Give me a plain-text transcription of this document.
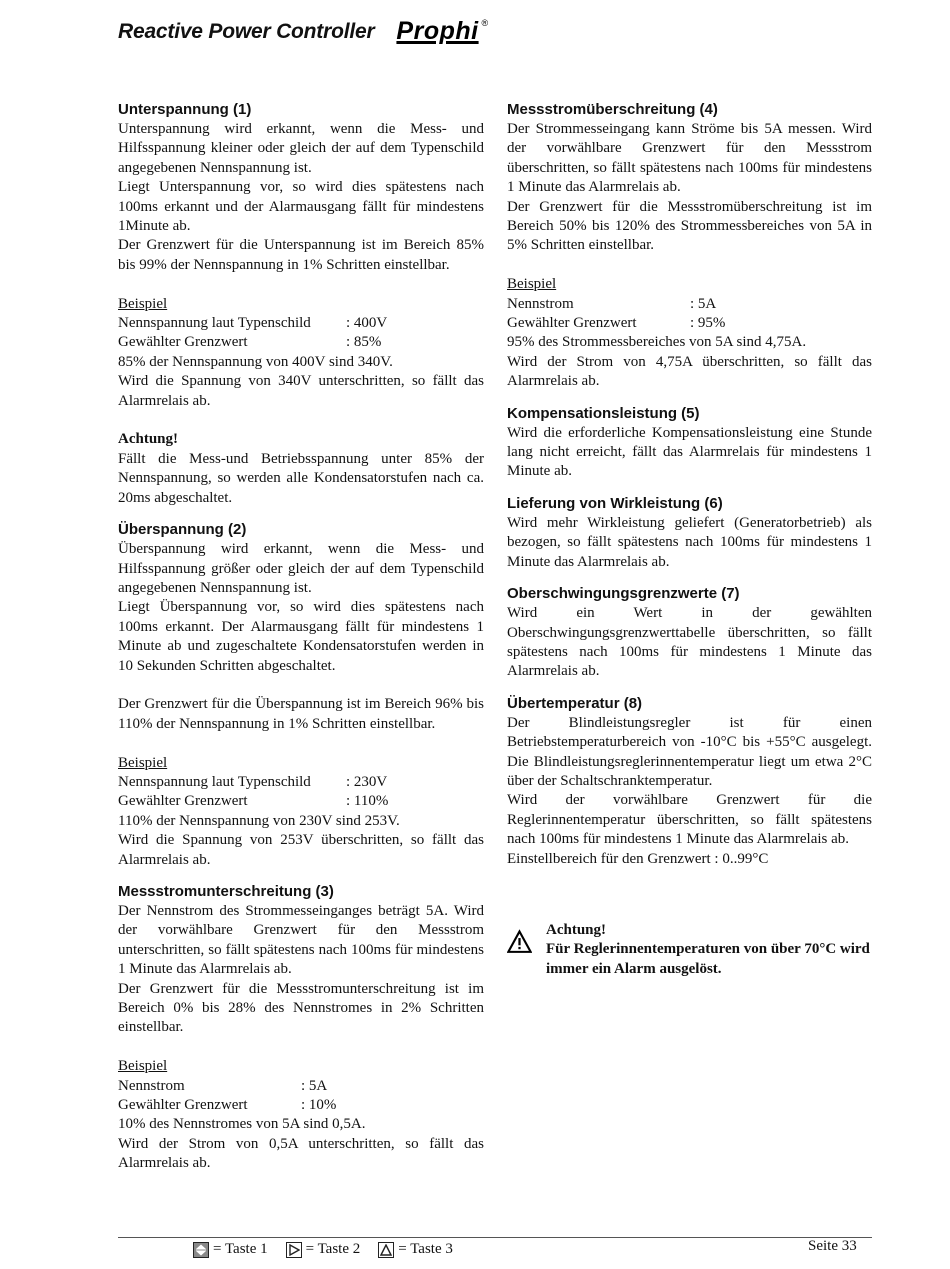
Reactive Power Controller Prophi ®

Unterspannung (1)

Unterspannung wird erkannt, wenn die Mess- und Hilfsspannung kleiner oder gleich der auf dem Typenschild angegebenen Nennspannung ist.

Liegt Unterspannung vor, so wird dies spätestens nach 100ms erkannt und der Alarmausgang fällt für mindestens 1Minute ab.

Der Grenzwert für die Unterspannung ist im Bereich 85% bis 99% der Nennspannung in 1% Schritten einstellbar.

Beispiel

Nennspannung laut Typenschild	: 400V
Gewählter Grenzwert	: 85%

85% der Nennspannung von 400V sind 340V.

Wird die Spannung von 340V unterschritten, so fällt das Alarmrelais ab.

Achtung!

Fällt die Mess-und Betriebsspannung unter 85% der Nennspannung, so werden alle Kondensatorstufen nach ca. 20ms abgeschaltet.

Überspannung (2)

Überspannung wird erkannt, wenn die Mess- und Hilfsspannung größer oder gleich der auf dem Typenschild angegebenen Nennspannung ist.

Liegt Überspannung vor, so wird dies spätestens nach 100ms erkannt. Der Alarmausgang fällt für mindestens 1 Minute ab und zugeschaltete Kondensatorstufen werden in 10 Sekunden Schritten abgeschaltet.

Der Grenzwert für die Überspannung ist im Bereich 96% bis 110% der Nennspannung in 1% Schritten einstellbar.

Beispiel

Nennspannung laut Typenschild	: 230V
Gewählter Grenzwert	: 110%

110% der Nennspannung von 230V sind 253V.

Wird die Spannung von 253V überschritten, so fällt das Alarmrelais ab.

Messstromunterschreitung (3)

Der Nennstrom des Strommesseinganges beträgt 5A. Wird der vorwählbare Grenzwert für den Messstrom unterschritten, so fällt spätestens nach 100ms für mindestens 1 Minute das Alarmrelais ab.

Der Grenzwert für die Messstromunterschreitung ist im Bereich 0% bis 28% des Nennstromes in 2% Schritten einstellbar.

Beispiel

Nennstrom	: 5A
Gewählter Grenzwert	: 10%

10% des Nennstromes von 5A sind 0,5A.

Wird der Strom von 0,5A unterschritten, so fällt das Alarmrelais ab.

Messstromüberschreitung (4)

Der Strommesseingang kann Ströme bis 5A messen. Wird der vorwählbare Grenzwert für den Messstrom überschritten, so fällt spätestens nach 100ms für mindestens 1 Minute das Alarmrelais ab.

Der Grenzwert für die Messstromüberschreitung ist im Bereich 50% bis 120% des Strommessbereiches von 5A in 5% Schritten einstellbar.

Beispiel

Nennstrom	: 5A
Gewählter Grenzwert	: 95%

95% des Strommessbereiches von 5A sind 4,75A.

Wird der Strom von 4,75A überschritten, so fällt das Alarmrelais ab.

Kompensationsleistung (5)

Wird die erforderliche Kompensationsleistung eine Stunde lang nicht erreicht, fällt das Alarmrelais für mindestens 1 Minute ab.

Lieferung von Wirkleistung (6)

Wird mehr Wirkleistung geliefert (Generatorbetrieb) als bezogen, so fällt spätestens nach 100ms für mindestens 1 Minute das Alarmrelais ab.

Oberschwingungsgrenzwerte (7)

Wird ein Wert in der gewählten Oberschwingungsgrenzwerttabelle überschritten, so fällt spätestens nach 100ms für mindestens 1 Minute das Alarmrelais ab.

Übertemperatur (8)

Der Blindleistungsregler ist für einen Betriebstemperaturbereich von -10°C bis +55°C ausgelegt. Die Blindleistungsreglerinnentemperatur liegt um etwa 2°C über der Schaltschranktemperatur.

Wird der vorwählbare Grenzwert für die Reglerinnentemperatur überschritten, so fällt spätestens nach 100ms für mindestens 1 Minute das Alarmrelais ab.

Einstellbereich für den Grenzwert : 0..99°C

Achtung!
Für Reglerinnentemperaturen von über 70°C wird immer ein Alarm ausgelöst.
= Taste 1	= Taste 2	= Taste 3	Seite 33
